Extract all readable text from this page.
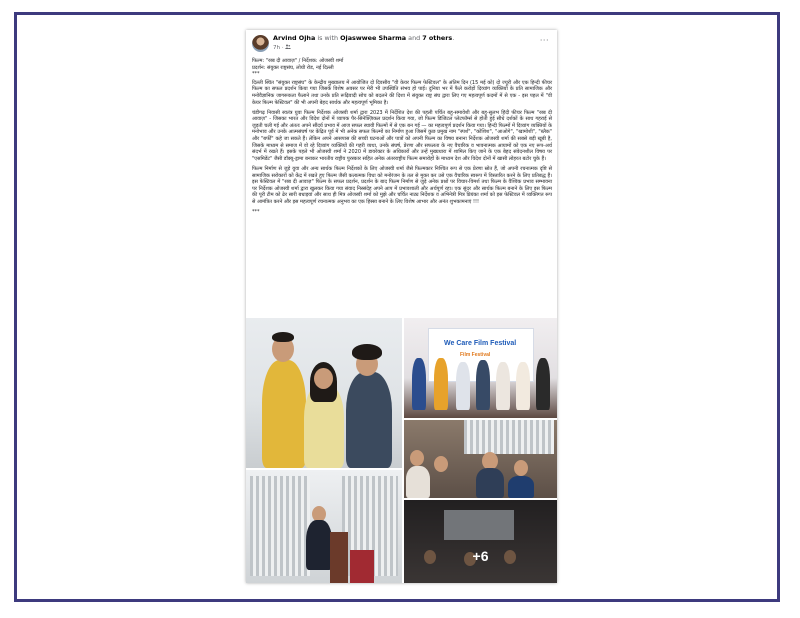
Arvind Ojha is with Ojaswwee Sharma and 7 others.
7h ·
···

फिल्म: "रब्ब दी आवाज़" / निर्देशक: ओजस्वी शर्मा

प्रदर्शन: संयुक्त राष्ट्रसंघ, लोधी रोड, नई दिल्ली

***

दिल्ली स्थित "संयुक्त राष्ट्रसंघ" के केन्द्रीय मुख्यालय में आयोजित दो दिवसीय "वी केयर फिल्म फेस्टिवल" के अंतिम दिन (15 मई को) दो ज्यूरी और एक हिन्दी फीचर फिल्म का सफल प्रदर्शन किया गया जिसके विशेष अवसर पर मेरी भी उपस्थिति संभव हो पाई। दुनिया भर में फैले करोड़ों दिव्यांग व्यक्तियों के प्रति सामाजिक और मनोवैज्ञानिक जागरूकता फैलाने तथा उनके प्रति रूढ़िवादी सोच को बदलने की दिशा में संयुक्त राष्ट्र संघ द्वारा लिए गए महत्वपूर्ण कदमों में से एक - इस पहल में "वी केयर फिल्म फेस्टिवल" की भी अपनी बेहद सार्थक और महत्वपूर्ण भूमिका है।

चंडीगढ़ निवासी स्वतंत्र युवा फिल्म निर्देशक ओजस्वी शर्मा द्वारा 2023 में निर्देशित देश की पहली पर्चित बहु-समावेशी और बहु-सुलभ हिंदी फीचर फिल्म "रब्ब दी आवाज़" - जिसका भारत और विदेश दोनों में व्यापक पैर-सिनेफ़्ज़िकल प्रदर्शन किया गया, जो फिल्म डिजिटल प्लेटफॉर्म्स से होती हुई सीधे दर्शकों के साथ गहराई से जुड़ती चली गई और अंततः अपने सौंदर्य प्रभाव में आज सफल स्थायी फिल्मों में से एक बन गई — का महत्वपूर्ण प्रदर्शन किया गया। हिन्दी फिल्मों में दिव्यांग व्यक्तियों के मनोभाव और उनके आत्मसंघर्ष पर केंद्रित पूर्व में भी अनेक सफल फिल्मों का निर्माण हुआ जिसमें कुछ प्रमुख नाम "स्पर्श", "कोशिश", "आओगे", "खामोशी", "ब्लैक" और "बर्फी" कहे जा सकते हैं। लेकिन अपने आसपास की सच्ची घटनाओं और पात्रों को अपनी फिल्म का विषय बनाना निर्देशक ओजस्वी शर्मा की सबसे बड़ी खूबी है, जिसके माध्यम से समाज में वो रहे दिव्यांग व्यक्तियों की गहरी व्यथा, उनके संघर्ष, प्रेरणा और सफलता के नए वैचारिक व भावनात्मक आयामों को एक नए रूप-अर्थ संदर्भ में रखते हैं। इसके पहले भी ओजस्वी शर्मा ने 2020 में डायरेक्टर के अधिकारों और उन्हें मुख्यधारा में शामिल किए जाने के एक बेहद संवेदनशील विषय पर "एसमिडेंट" जैसी डॉक्यू-ड्रामा बनाकर भारतीय राष्ट्रीय पुरस्कार सहित अनेक अंतरराष्ट्रीय फिल्म समारोहों के माध्यम देश और विदेश दोनों में खासी लोहरत बटोर चुके हैं।

फिल्म निर्माण से जुड़े युवा और अन्य सार्थक फिल्म निर्देशकों के लिए ओजस्वी शर्मा जैसे फिल्मकार निश्चित रूप से एक प्रेरणा स्रोत हैं, जो अपनी रचनात्मक दृष्टि से सामाजिक सरोकारों को केंद्र में रखते हुए फिल्म जैसी कलात्मक विधा को मनोरंजन के तल से मुक्त कर उसे एक वैचारिक स्वरूप में विस्तारित करने के लिए प्रतिबद्ध हैं। इस फेस्टिवल में "रब्ब दी आवाज़" फिल्म के सफल प्रदर्शन, प्रदर्शन के बाद फिल्म निर्माण से जुड़े अनेक प्रश्नों पर विचार-विमर्श तथा फिल्म के वैश्विक प्रभाव सम्भावना पर निर्देशक ओजस्वी शर्मा द्वारा खुलकर किया गया संवाद निस्संदेह अपने आप में प्रभावशाली और अर्थपूर्ण रहा। एक सुंदर और सार्थक फिल्म बनाने के लिए इस फिल्म की पूरी टीम को ढेर सारी बधाइयां और साथ ही मित्र ओजस्वी शर्मा को मुझे और चर्चित नाट्य निर्देशक व अभिनेत्री मित्र प्रियंका शर्मा को इस फेस्टिवल में व्यक्तिगत रूप से आमंत्रित करने और इस महत्वपूर्ण रचनात्मक अनुभव का एक हिस्सा बनाने के लिए विशेष आभार और अनंत शुभकामनाएं !!!

***

We Care Film Festival
Film Festival
+6
